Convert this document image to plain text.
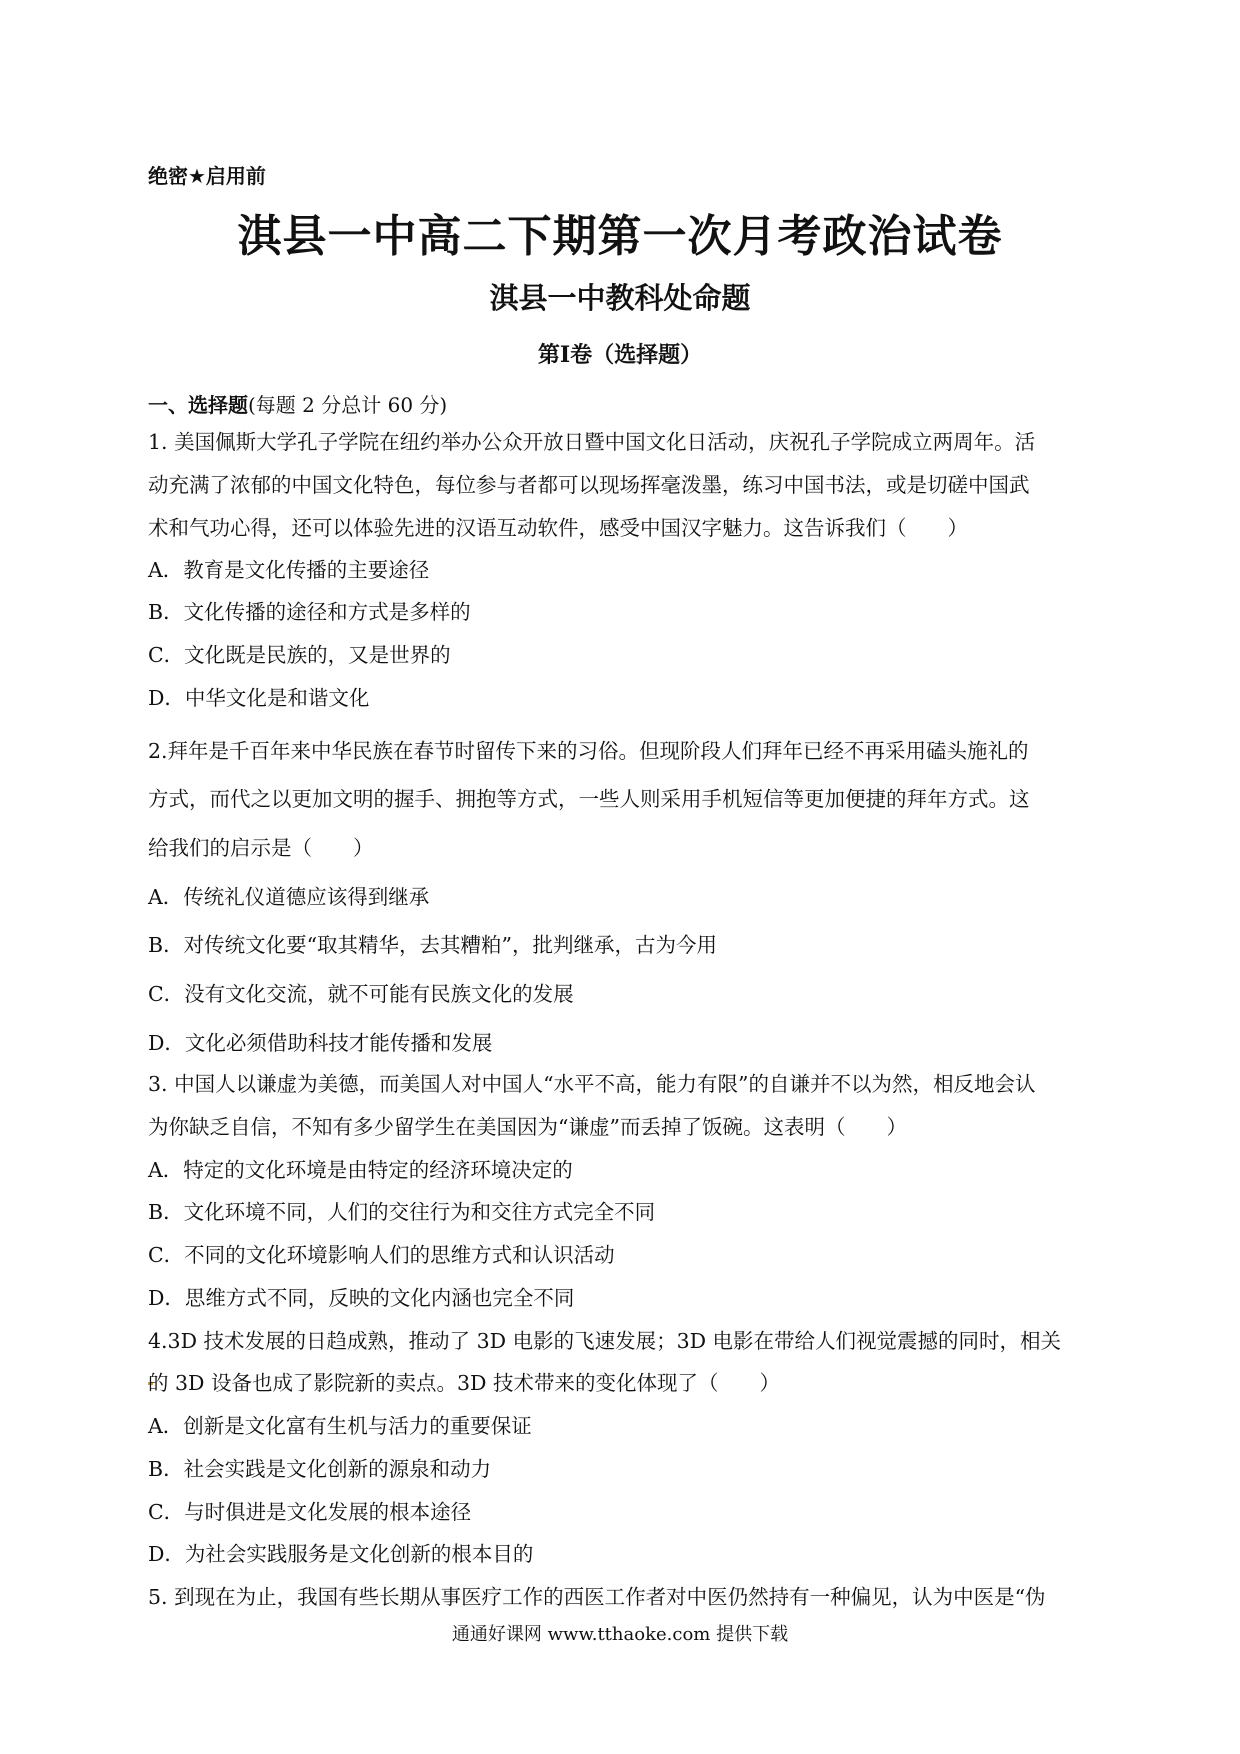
绝密★启用前
淇县一中高二下期第一次月考政治试卷
淇县一中教科处命题
第Ⅰ卷（选择题）
一、选择题(每题 2 分总计 60 分)
1. 美国佩斯大学孔子学院在纽约举办公众开放日暨中国文化日活动，庆祝孔子学院成立两周年。活
动充满了浓郁的中国文化特色，每位参与者都可以现场挥毫泼墨，练习中国书法，或是切磋中国武
术和气功心得，还可以体验先进的汉语互动软件，感受中国汉字魅力。这告诉我们（　　）
A．教育是文化传播的主要途径
B．文化传播的途径和方式是多样的
C．文化既是民族的，又是世界的
D．中华文化是和谐文化
2.拜年是千百年来中华民族在春节时留传下来的习俗。但现阶段人们拜年已经不再采用磕头施礼的
方式，而代之以更加文明的握手、拥抱等方式，一些人则采用手机短信等更加便捷的拜年方式。这
给我们的启示是（　　）
A．传统礼仪道德应该得到继承
B．对传统文化要“取其精华，去其糟粕”，批判继承，古为今用
C．没有文化交流，就不可能有民族文化的发展
D．文化必须借助科技才能传播和发展
3. 中国人以谦虚为美德，而美国人对中国人“水平不高，能力有限”的自谦并不以为然，相反地会认
为你缺乏自信，不知有多少留学生在美国因为“谦虚”而丢掉了饭碗。这表明（　　）
A．特定的文化环境是由特定的经济环境决定的
B．文化环境不同，人们的交往行为和交往方式完全不同
C．不同的文化环境影响人们的思维方式和认识活动
D．思维方式不同，反映的文化内涵也完全不同
4.3D 技术发展的日趋成熟，推动了 3D 电影的飞速发展；3D 电影在带给人们视觉震撼的同时，相关
的 3D 设备也成了影院新的卖点。3D 技术带来的变化体现了（　　）
A．创新是文化富有生机与活力的重要保证
B．社会实践是文化创新的源泉和动力
C．与时俱进是文化发展的根本途径
D．为社会实践服务是文化创新的根本目的
5. 到现在为止，我国有些长期从事医疗工作的西医工作者对中医仍然持有一种偏见，认为中医是“伪
通通好课网 www.tthaoke.com 提供下载
